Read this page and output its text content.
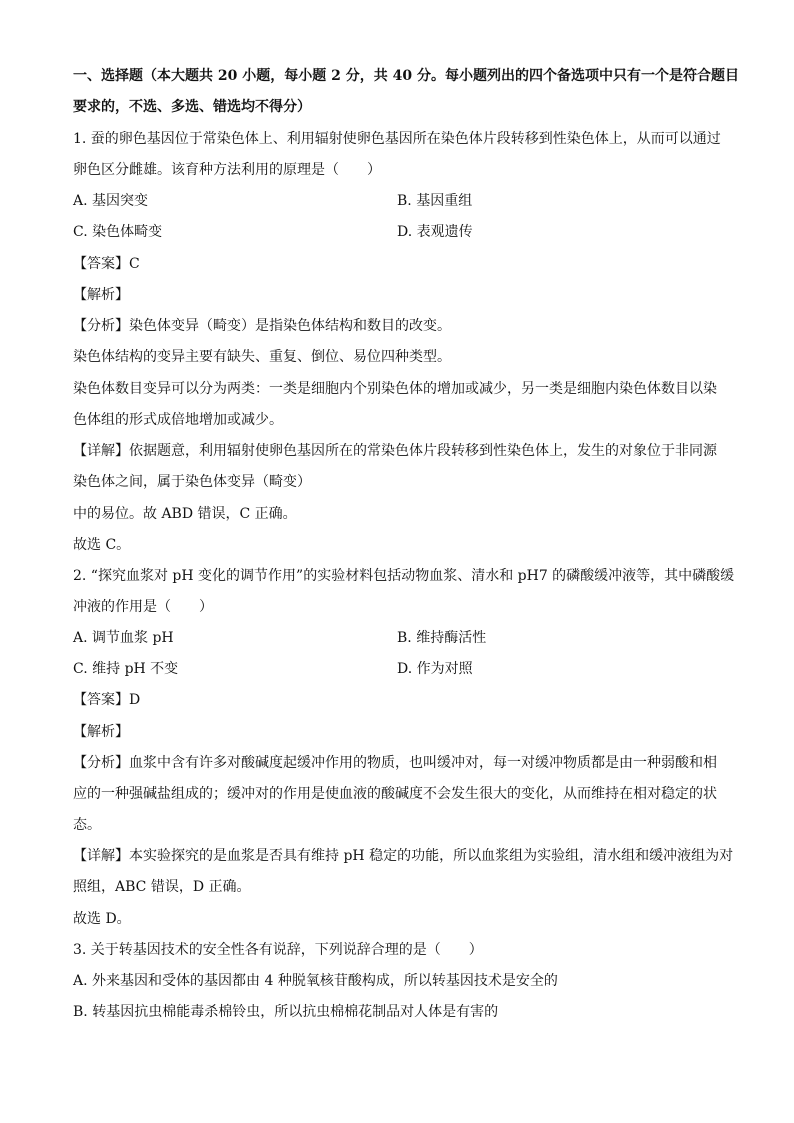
一、选择题（本大题共 20 小题，每小题 2 分，共 40 分。每小题列出的四个备选项中只有一个是符合题目
要求的，不选、多选、错选均不得分）
1. 蚕的卵色基因位于常染色体上、利用辐射使卵色基因所在染色体片段转移到性染色体上，从而可以通过
卵色区分雌雄。该育种方法利用的原理是（　　）
A. 基因突变	B. 基因重组
C. 染色体畸变	D. 表观遗传
【答案】C
【解析】
【分析】染色体变异（畸变）是指染色体结构和数目的改变。
染色体结构的变异主要有缺失、重复、倒位、易位四种类型。
染色体数目变异可以分为两类：一类是细胞内个别染色体的增加或减少，另一类是细胞内染色体数目以染
色体组的形式成倍地增加或减少。
【详解】依据题意，利用辐射使卵色基因所在的常染色体片段转移到性染色体上，发生的对象位于非同源
染色体之间，属于染色体变异（畸变）
中的易位。故 ABD 错误，C 正确。
故选 C。
2. “探究血浆对 pH 变化的调节作用”的实验材料包括动物血浆、清水和 pH7 的磷酸缓冲液等，其中磷酸缓
冲液的作用是（　　）
A. 调节血浆 pH	B. 维持酶活性
C. 维持 pH 不变	D. 作为对照
【答案】D
【解析】
【分析】血浆中含有许多对酸碱度起缓冲作用的物质，也叫缓冲对，每一对缓冲物质都是由一种弱酸和相
应的一种强碱盐组成的；缓冲对的作用是使血液的酸碱度不会发生很大的变化，从而维持在相对稳定的状
态。
【详解】本实验探究的是血浆是否具有维持 pH 稳定的功能，所以血浆组为实验组，清水组和缓冲液组为对
照组，ABC 错误，D 正确。
故选 D。
3. 关于转基因技术的安全性各有说辞，下列说辞合理的是（　　）
A. 外来基因和受体的基因都由 4 种脱氧核苷酸构成，所以转基因技术是安全的
B. 转基因抗虫棉能毒杀棉铃虫，所以抗虫棉棉花制品对人体是有害的
